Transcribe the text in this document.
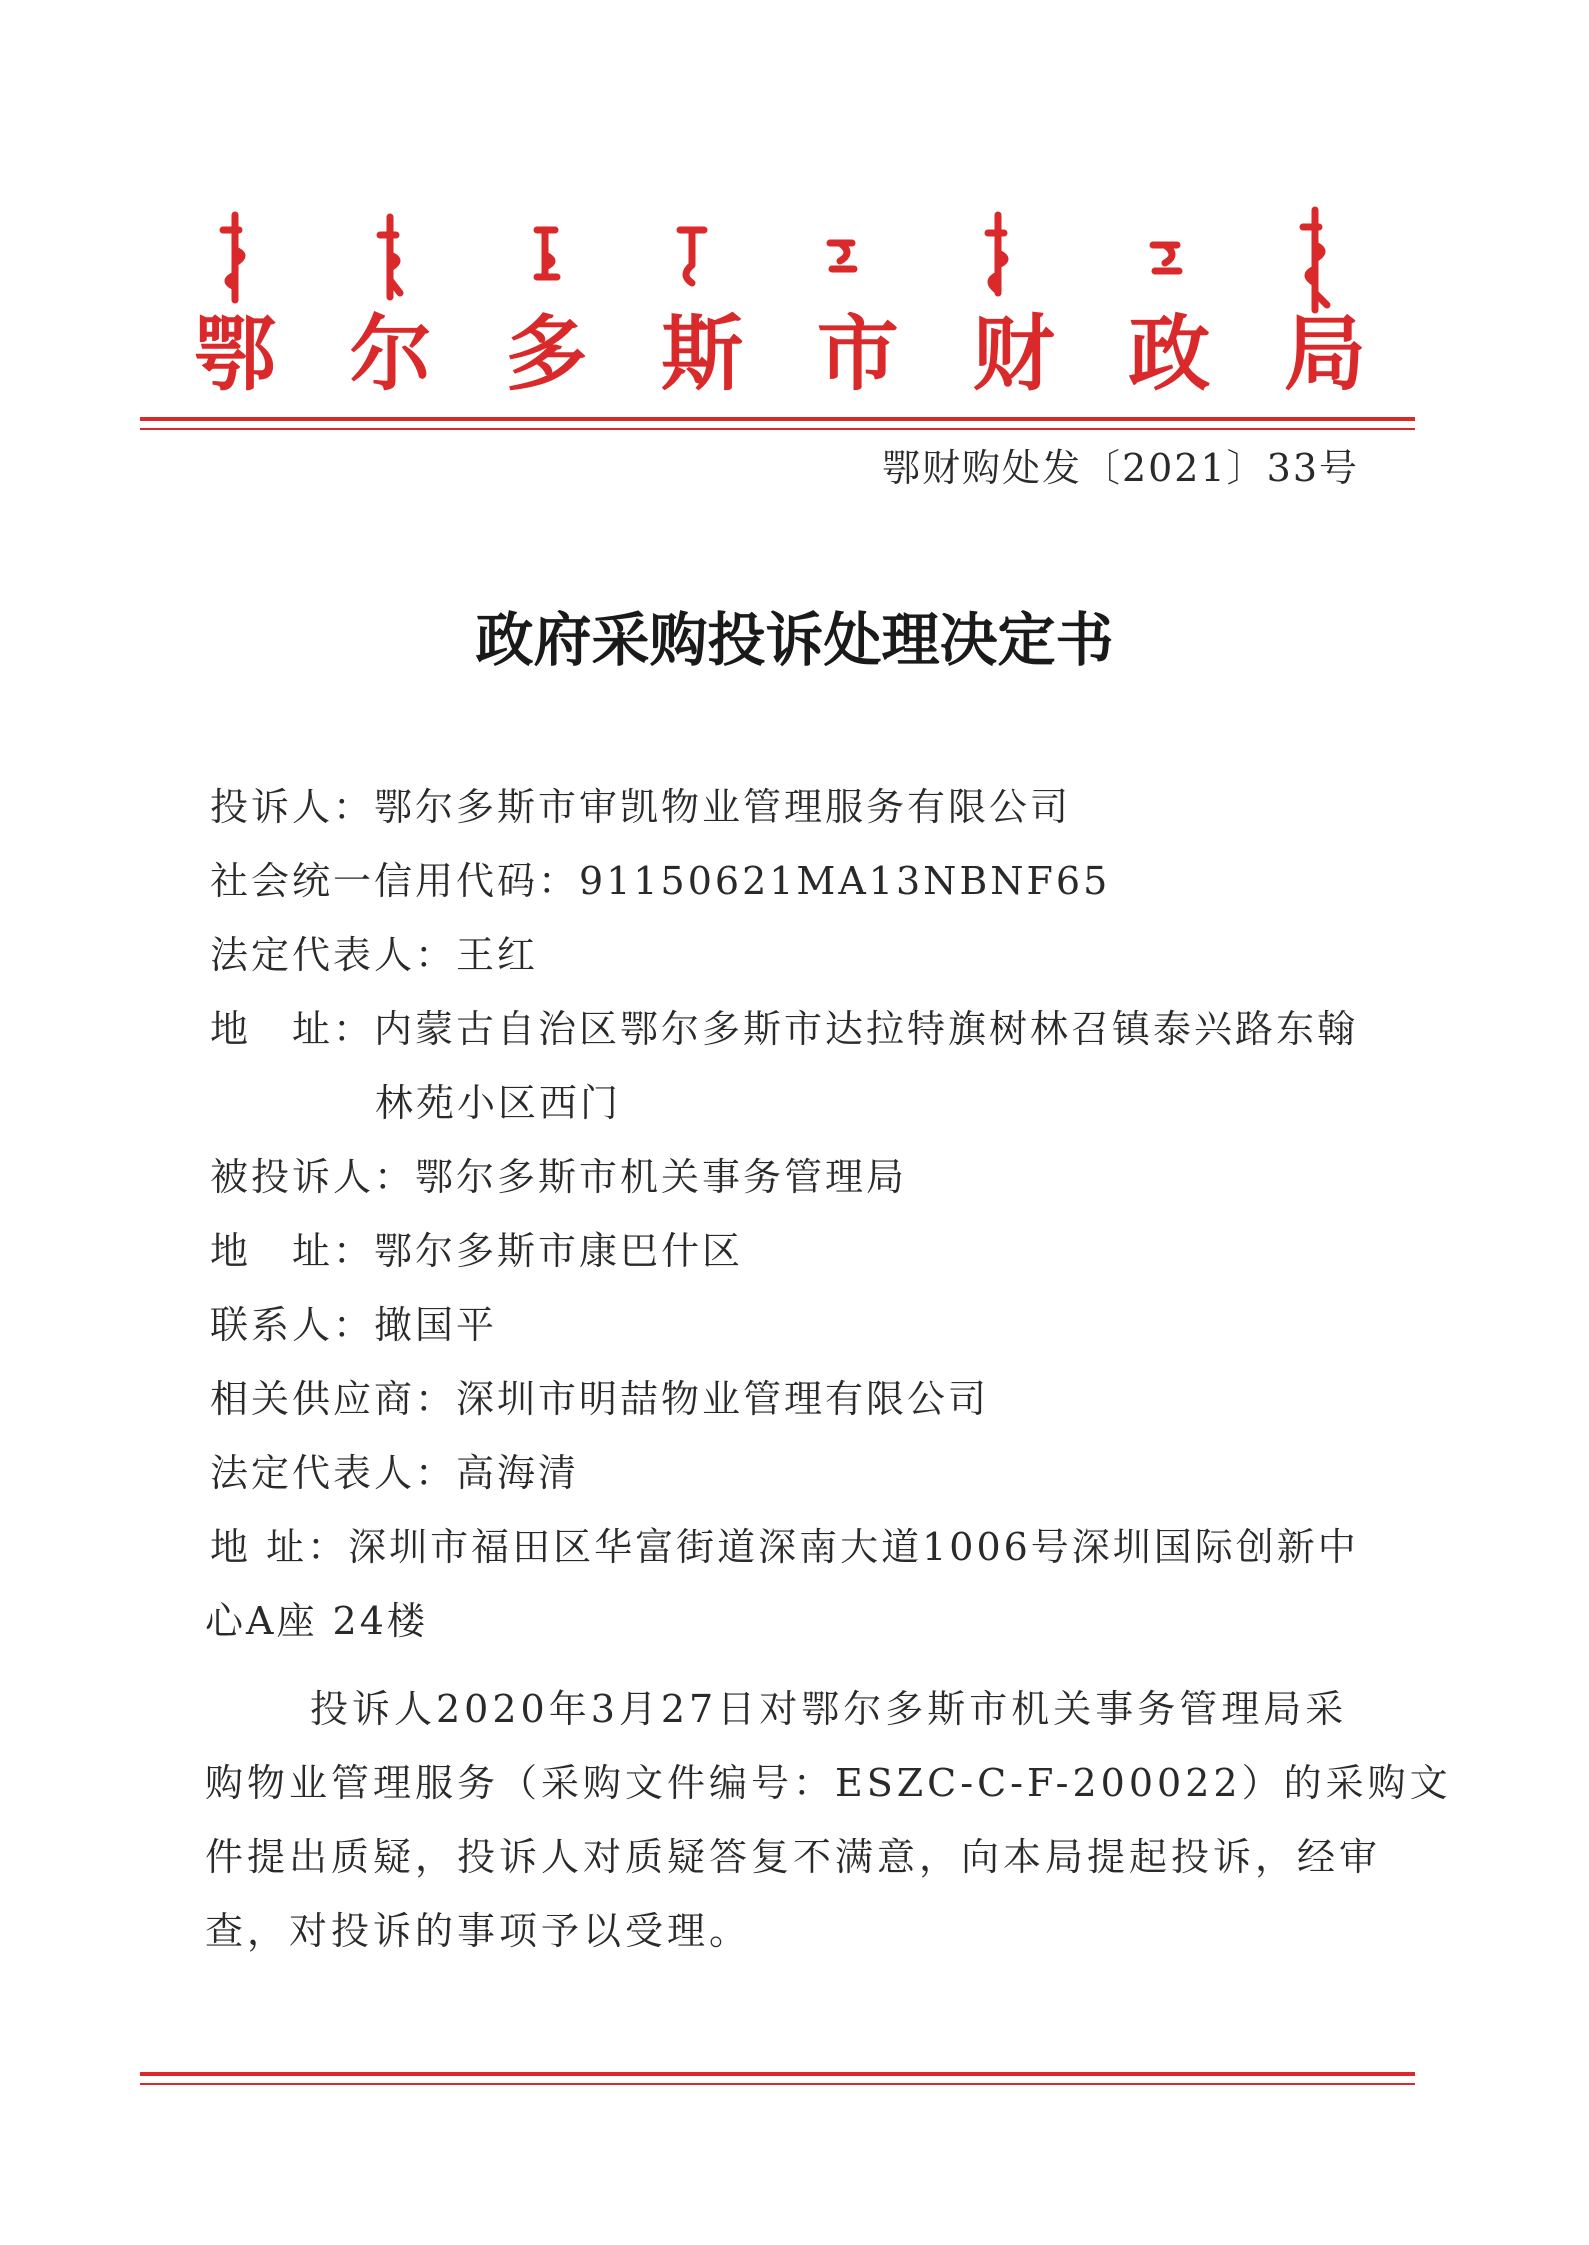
鄂 尔 多 斯 市 财 政 局
鄂财购处发〔2021〕33号
政府采购投诉处理决定书
投诉人：鄂尔多斯市审凯物业管理服务有限公司
社会统一信用代码：91150621MA13NBNF65
法定代表人：王红
地　址：内蒙古自治区鄂尔多斯市达拉特旗树林召镇泰兴路东翰
林苑小区西门
被投诉人：鄂尔多斯市机关事务管理局
地　址：鄂尔多斯市康巴什区
联系人：撖国平
相关供应商：深圳市明喆物业管理有限公司
法定代表人：高海清
地 址：深圳市福田区华富街道深南大道1006号深圳国际创新中
心A座 24楼
投诉人2020年3月27日对鄂尔多斯市机关事务管理局采
购物业管理服务（采购文件编号：ESZC-C-F-200022）的采购文
件提出质疑，投诉人对质疑答复不满意，向本局提起投诉，经审
查，对投诉的事项予以受理。
